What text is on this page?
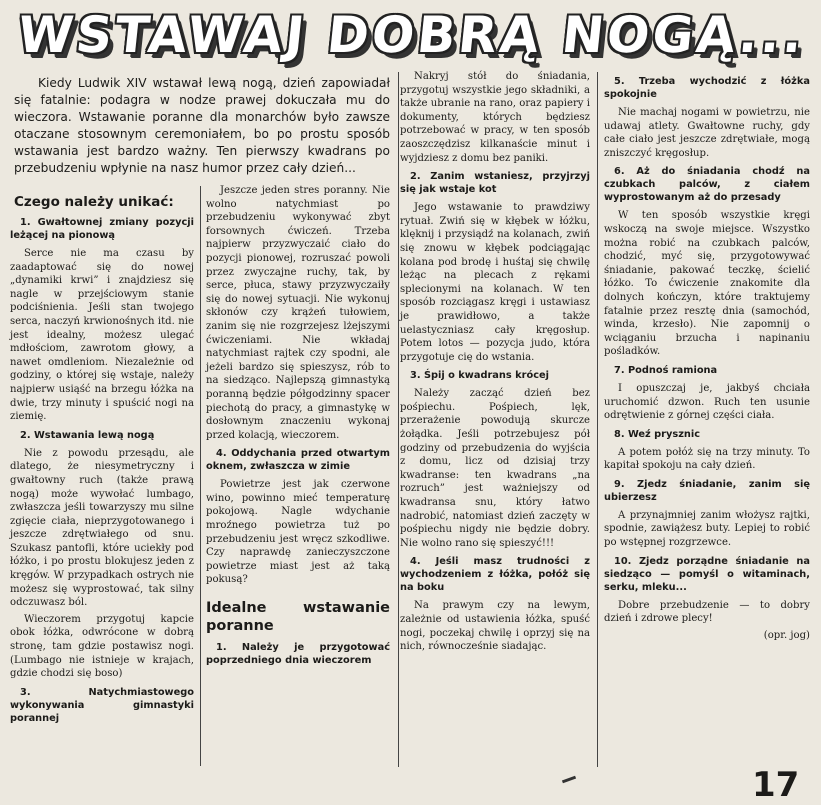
WSTAWAJ DOBRĄ NOGĄ...
Kiedy Ludwik XIV wstawał lewą nogą, dzień zapowiadał się fatalnie: podagra w nodze prawej dokuczała mu do wieczora. Wstawanie poranne dla monarchów było zawsze otaczane stosownym ceremoniałem, bo po prostu sposób wstawania jest bardzo ważny. Ten pierwszy kwadrans po przebudzeniu wpłynie na nasz humor przez cały dzień...
Czego należy unikać:
1. Gwałtownej zmiany pozycji leżącej na pionową

Serce nie ma czasu by zaadaptować się do nowej „dynamiki krwi” i znajdziesz się nagle w przejściowym stanie podciśnienia. Jeśli stan twojego serca, naczyń krwionośnych itd. nie jest idealny, możesz ulegać mdłościom, zawrotom głowy, a nawet omdleniom. Niezależnie od godziny, o której się wstaje, należy najpierw usiąść na brzegu łóżka na dwie, trzy minuty i spuścić nogi na ziemię.

2. Wstawania lewą nogą

Nie z powodu przesądu, ale dlatego, że niesymetryczny i gwałtowny ruch (także prawą nogą) może wywołać lumbago, zwłaszcza jeśli towarzyszy mu silne zgięcie ciała, nieprzygotowanego i jeszcze zdrętwiałego od snu. Szukasz pantofli, które uciekły pod łóżko, i po prostu blokujesz jeden z kręgów. W przypadkach ostrych nie możesz się wyprostować, tak silny odczuwasz ból.

Wieczorem przygotuj kapcie obok łóżka, odwrócone w dobrą stronę, tam gdzie postawisz nogi. (Lumbago nie istnieje w krajach, gdzie chodzi się boso)

3. Natychmiastowego wykonywania gimnastyki porannej

Jeszcze jeden stres poranny. Nie wolno natychmiast po przebudzeniu wykonywać zbyt forsownych ćwiczeń. Trzeba najpierw przyzwyczaić ciało do pozycji pionowej, rozruszać powoli przez zwyczajne ruchy, tak, by serce, płuca, stawy przyzwyczaiły się do nowej sytuacji. Nie wykonuj skłonów czy krążeń tułowiem, zanim się nie rozgrzejesz lżejszymi ćwiczeniami. Nie wkładaj natychmiast rajtek czy spodni, ale jeżeli bardzo się spieszysz, rób to na siedząco. Najlepszą gimnastyką poranną będzie półgodzinny spacer piechotą do pracy, a gimnastykę w dosłownym znaczeniu wykonaj przed kolacją, wieczorem.

4. Oddychania przed otwartym oknem, zwłaszcza w zimie

Powietrze jest jak czerwone wino, powinno mieć temperaturę pokojową. Nagle wdychanie mroźnego powietrza tuż po przebudzeniu jest wręcz szkodliwe. Czy naprawdę zanieczyszczone powietrze miast jest aż taką pokusą?

Idealne wstawanie poranne
1. Należy je przygotować poprzedniego dnia wieczorem

Nakryj stół do śniadania, przygotuj wszystkie jego składniki, a także ubranie na rano, oraz papiery i dokumenty, których będziesz potrzebować w pracy, w ten sposób zaoszczędzisz kilkanaście minut i wyjdziesz z domu bez paniki.

2. Zanim wstaniesz, przyjrzyj się jak wstaje kot

Jego wstawanie to prawdziwy rytuał. Zwiń się w kłębek w łóżku, klęknij i przysiądź na kolanach, zwiń się znowu w kłębek podciągając kolana pod brodę i huśtaj się chwilę leżąc na plecach z rękami splecionymi na kolanach. W ten sposób rozciągasz kręgi i ustawiasz je prawidłowo, a także uelastyczniasz cały kręgosłup. Potem lotos — pozycja judo, która przygotuje cię do wstania.

3. Śpij o kwadrans krócej

Należy zacząć dzień bez pośpiechu. Pośpiech, lęk, przerażenie powodują skurcze żołądka. Jeśli potrzebujesz pół godziny od przebudzenia do wyjścia z domu, licz od dzisiaj trzy kwadranse: ten kwadrans „na rozruch” jest ważniejszy od kwadransa snu, który łatwo nadrobić, natomiast dzień zaczęty w pośpiechu nigdy nie będzie dobry. Nie wolno rano się spieszyć!!!

4. Jeśli masz trudności z wychodzeniem z łóżka, połóż się na boku

Na prawym czy na lewym, zależnie od ustawienia łóżka, spuść nogi, poczekaj chwilę i oprzyj się na nich, równocześnie siadając.

5. Trzeba wychodzić z łóżka spokojnie

Nie machaj nogami w powietrzu, nie udawaj atlety. Gwałtowne ruchy, gdy całe ciało jest jeszcze zdrętwiałe, mogą zniszczyć kręgosłup.

6. Aż do śniadania chodź na czubkach palców, z ciałem wyprostowanym aż do przesady

W ten sposób wszystkie kręgi wskoczą na swoje miejsce. Wszystko można robić na czubkach palców, chodzić, myć się, przygotowywać śniadanie, pakować teczkę, ścielić łóżko. To ćwiczenie znakomite dla dolnych kończyn, które traktujemy fatalnie przez resztę dnia (samochód, winda, krzesło). Nie zapomnij o wciąganiu brzucha i napinaniu pośladków.

7. Podnoś ramiona

I opuszczaj je, jakbyś chciała uruchomić dzwon. Ruch ten usunie odrętwienie z górnej części ciała.

8. Weź prysznic

A potem połóż się na trzy minuty. To kapitał spokoju na cały dzień.

9. Zjedz śniadanie, zanim się ubierzesz

A przynajmniej zanim włożysz rajtki, spodnie, zawiążesz buty. Lepiej to robić po wstępnej rozgrzewce.

10. Zjedz porządne śniadanie na siedząco — pomyśl o witaminach, serku, mleku...

Dobre przebudzenie — to dobry dzień i zdrowe plecy!

(opr. jog)
17
